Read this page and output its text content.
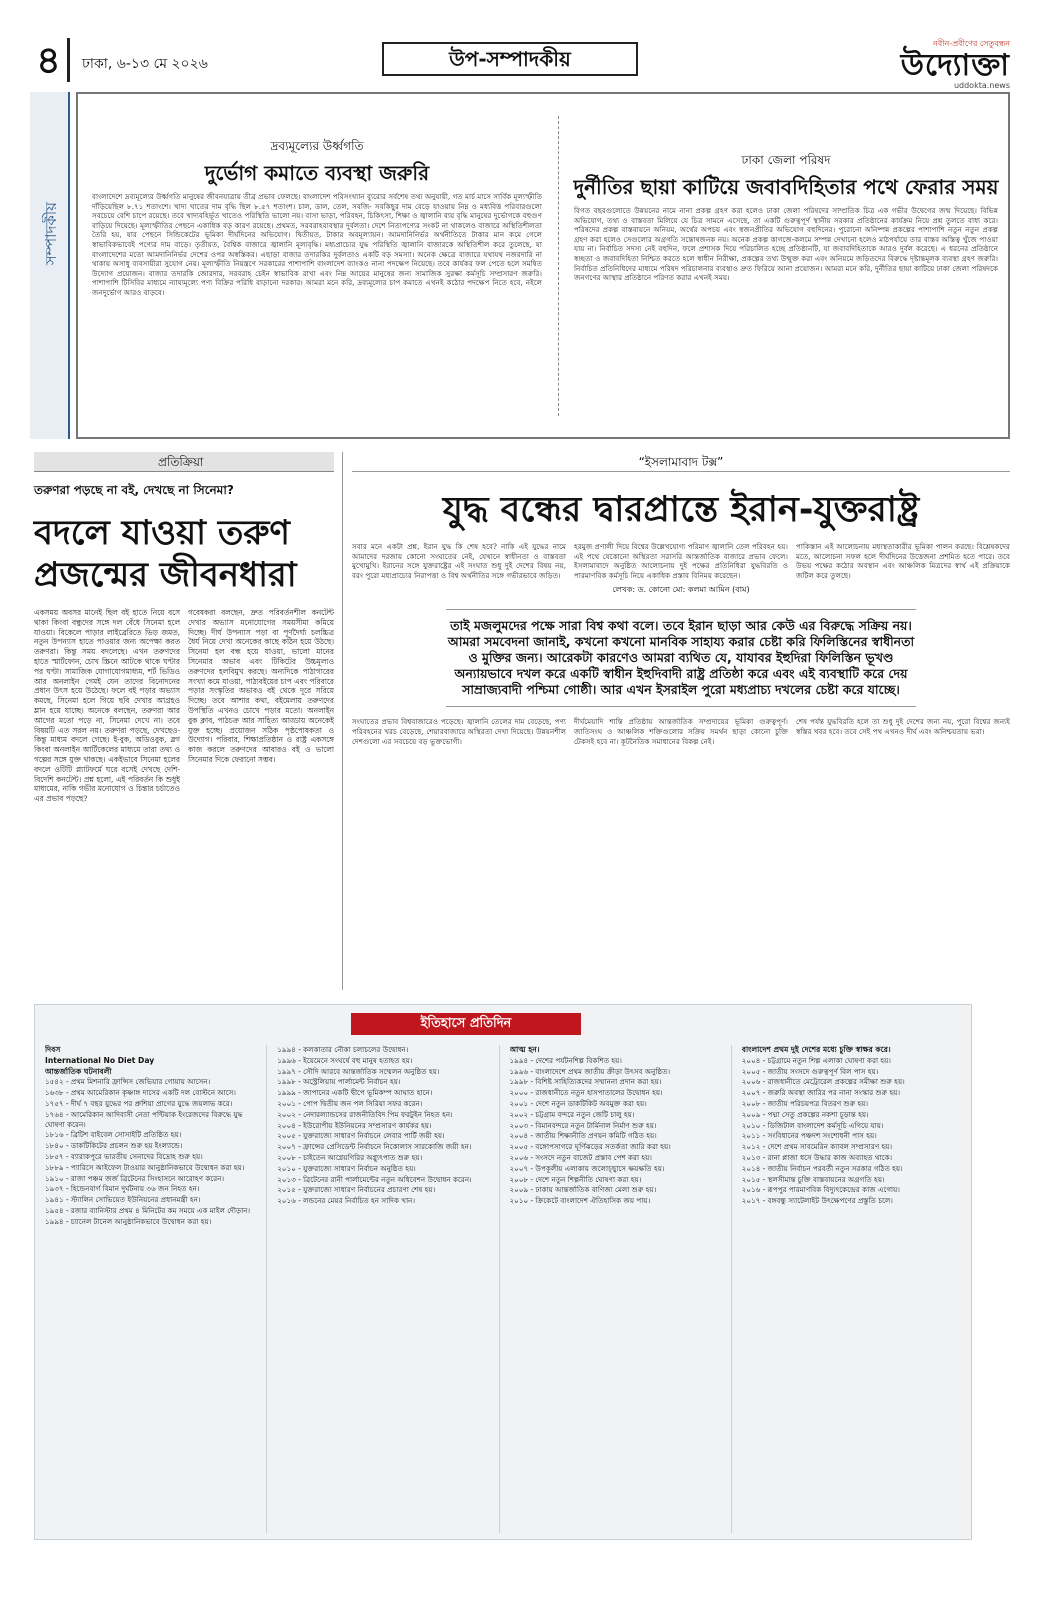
৪	ঢাকা, ৬-১৩ মে ২০২৬	উপ-সম্পাদকীয়
নবীন-প্রবীণের সেতুবন্ধন
উদ্যোক্তা
uddokta.news
সম্পাদকীয়
দ্রব্যমূল্যের উর্ধ্বগতি
দুর্ভোগ কমাতে ব্যবস্থা জরুরি
বাংলাদেশে দ্রব্যমূল্যের উর্ধ্বগতি মানুষের জীবনযাত্রায় তীব্র প্রভাব ফেলছে। বাংলাদেশ পরিসংখ্যান ব্যুরোর সর্বশেষ তথ্য অনুযায়ী, গত মার্চ মাসে সার্বিক মূল্যস্ফীতি দাঁড়িয়েছিল ৮.৭১ শতাংশে। খাদ্য খাতের দাম বৃদ্ধি ছিল ৮.৫৭ শতাংশ। চাল, ডাল, তেল, সবজি- সবকিছুর দাম বেড়ে যাওয়ায় নিম্ন ও মধ্যবিত্ত পরিবারগুলো সবচেয়ে বেশি চাপে রয়েছে। তবে খাদ্যবহির্ভূত খাতেও পরিস্থিতি ভালো নয়। বাসা ভাড়া, পরিবহন, চিকিৎসা, শিক্ষা ও জ্বালানি ব্যয় বৃদ্ধি মানুষের দুর্ভোগকে বহুগুণ বাড়িয়ে দিয়েছে। মূল্যস্ফীতির পেছনে একাধিক বড় কারণ রয়েছে। প্রথমত, সরবরাহব্যবস্থার দুর্বলতা। দেশে নিত্যপণ্যের সংকট না থাকলেও বাজারে অস্থিতিশীলতা তৈরি হয়, যার পেছনে সিন্ডিকেটের ভূমিকা দীর্ঘদিনের অভিযোগ। দ্বিতীয়ত, টাকার অবমূল্যায়ন। আমদানিনির্ভর অর্থনীতিতে টাকার মান কমে গেলে স্বাভাবিকভাবেই পণ্যের দাম বাড়ে। তৃতীয়ত, বৈশ্বিক বাজারে জ্বালানি মূল্যবৃদ্ধি। মধ্যপ্রাচ্যের যুদ্ধ পরিস্থিতি জ্বালানি বাজারকে অস্থিতিশীল করে তুলেছে, যা বাংলাদেশের মতো আমদানিনির্ভর দেশের ওপর অস্বস্তিকর। এছাড়া বাজার তদারকির দুর্বলতাও একটি বড় সমস্যা। অনেক ক্ষেত্রে বাজারে যথাযথ নজরদারি না থাকায় অসাধু ব্যবসায়ীরা সুযোগ নেয়। মূল্যস্ফীতি নিয়ন্ত্রণে সরকারের পাশাপাশি বাংলাদেশ ব্যাংকও নানা পদক্ষেপ নিয়েছে। তবে কার্যকর ফল পেতে হলে সমন্বিত উদ্যোগ প্রয়োজন। বাজার তদারকি জোরদার, সরবরাহ চেইন স্বাভাবিক রাখা এবং নিম্ন আয়ের মানুষের জন্য সামাজিক সুরক্ষা কর্মসূচি সম্প্রসারণ জরুরি। পাশাপাশি টিসিবির মাধ্যমে ন্যায্যমূল্যে পণ্য বিক্রির পরিধি বাড়ানো দরকার। আমরা মনে করি, দ্রব্যমূল্যের চাপ কমাতে এখনই কঠোর পদক্ষেপ নিতে হবে, নইলে জনদুর্ভোগ আরও বাড়বে।
ঢাকা জেলা পরিষদ
দুর্নীতির ছায়া কাটিয়ে জবাবদিহিতার পথে ফেরার সময়
বিগত বছরগুলোতে উন্নয়নের নামে নানা প্রকল্প গ্রহণ করা হলেও ঢাকা জেলা পরিষদের সাম্প্রতিক চিত্র এক গভীর উদ্বেগের জন্ম দিয়েছে। বিভিন্ন অভিযোগ, তথ্য ও বাস্তবতা মিলিয়ে যে চিত্র সামনে এসেছে, তা একটি গুরুত্বপূর্ণ স্থানীয় সরকার প্রতিষ্ঠানের কার্যক্রম নিয়ে প্রশ্ন তুলতে বাধ্য করে। পরিষদের প্রকল্প বাস্তবায়নে অনিয়ম, অর্থের অপচয় এবং স্বজনপ্রীতির অভিযোগ বহুদিনের। পুরোনো অনিষ্পন্ন প্রকল্পের পাশাপাশি নতুন নতুন প্রকল্প গ্রহণ করা হলেও সেগুলোর অগ্রগতি সন্তোষজনক নয়। অনেক প্রকল্প কাগজে-কলমে সম্পন্ন দেখানো হলেও মাঠপর্যায়ে তার বাস্তব অস্তিত্ব খুঁজে পাওয়া যায় না। নির্বাচিত সদস্য নেই বহুদিন, ফলে প্রশাসক দিয়ে পরিচালিত হচ্ছে প্রতিষ্ঠানটি, যা জবাবদিহিতাকে আরও দুর্বল করেছে। এ ধরনের প্রতিষ্ঠানে স্বচ্ছতা ও জবাবদিহিতা নিশ্চিত করতে হলে স্বাধীন নিরীক্ষা, প্রকল্পের তথ্য উন্মুক্ত করা এবং অনিয়মে জড়িতদের বিরুদ্ধে দৃষ্টান্তমূলক ব্যবস্থা গ্রহণ জরুরি। নির্বাচিত প্রতিনিধিদের মাধ্যমে পরিষদ পরিচালনার ব্যবস্থাও দ্রুত ফিরিয়ে আনা প্রয়োজন। আমরা মনে করি, দুর্নীতির ছায়া কাটিয়ে ঢাকা জেলা পরিষদকে জনগণের আস্থার প্রতিষ্ঠানে পরিণত করার এখনই সময়।
প্রতিক্রিয়া
তরুণরা পড়ছে না বই, দেখছে না সিনেমা?
বদলে যাওয়া তরুণ প্রজন্মের জীবনধারা
একসময় অবসর মানেই ছিল বই হাতে নিয়ে বসে থাকা কিংবা বন্ধুদের সঙ্গে দল বেঁধে সিনেমা হলে যাওয়া। বিকেলে পাড়ার লাইব্রেরিতে ভিড় জমত, নতুন উপন্যাস হাতে পাওয়ার জন্য অপেক্ষা করত তরুণরা। কিন্তু সময় বদলেছে। এখন তরুণদের হাতে স্মার্টফোন, চোখ স্ক্রিনে আটকে থাকে ঘণ্টার পর ঘণ্টা। সামাজিক যোগাযোগমাধ্যম, শর্ট ভিডিও আর অনলাইন গেমই যেন তাদের বিনোদনের প্রধান উৎস হয়ে উঠেছে। ফলে বই পড়ার অভ্যাস কমছে, সিনেমা হলে গিয়ে ছবি দেখার আগ্রহও ম্লান হয়ে যাচ্ছে। অনেকে বলছেন, তরুণরা আর আগের মতো পড়ে না, সিনেমা দেখে না। তবে বিষয়টি এত সরল নয়। তরুণরা পড়ছে, দেখছেও- কিন্তু মাধ্যম বদলে গেছে। ই-বুক, অডিওবুক, ব্লগ কিংবা অনলাইন আর্টিকেলের মাধ্যমে তারা তথ্য ও গল্পের সঙ্গে যুক্ত থাকছে। একইভাবে সিনেমা হলের বদলে ওটিটি প্ল্যাটফর্মে ঘরে বসেই দেখছে দেশি-বিদেশি কনটেন্ট। প্রশ্ন হলো, এই পরিবর্তন কি শুধুই মাধ্যমের, নাকি গভীর মনোযোগ ও চিন্তার চর্চাতেও এর প্রভাব পড়ছে?
গবেষকরা বলছেন, দ্রুত পরিবর্তনশীল কনটেন্ট দেখার অভ্যাস মনোযোগের সময়সীমা কমিয়ে দিচ্ছে। দীর্ঘ উপন্যাস পড়া বা পূর্ণদৈর্ঘ্য চলচ্চিত্র ধৈর্য নিয়ে দেখা অনেকের কাছে কঠিন হয়ে উঠছে। সিনেমা হল বন্ধ হয়ে যাওয়া, ভালো মানের সিনেমার অভাব এবং টিকিটের উচ্চমূল্যও তরুণদের হলবিমুখ করছে। অন্যদিকে পাঠাগারের সংখ্যা কমে যাওয়া, পাঠ্যবইয়ের চাপ এবং পরিবারে পড়ার সংস্কৃতির অভাবও বই থেকে দূরে সরিয়ে দিচ্ছে। তবে আশার কথা, বইমেলায় তরুণদের উপস্থিতি এখনও চোখে পড়ার মতো। অনলাইন বুক ক্লাব, পাঠচক্র আর সাহিত্য আড্ডায় অনেকেই যুক্ত হচ্ছে। প্রয়োজন সঠিক পৃষ্ঠপোষকতা ও উদ্যোগ। পরিবার, শিক্ষাপ্রতিষ্ঠান ও রাষ্ট্র একসঙ্গে কাজ করলে তরুণদের আবারও বই ও ভালো সিনেমার দিকে ফেরানো সম্ভব।
“ইসলামাবাদ টক্স”
যুদ্ধ বন্ধের দ্বারপ্রান্তে ইরান-যুক্তরাষ্ট্র
সবার মনে একটা প্রশ্ন, ইরান যুদ্ধ কি শেষ হবে? নাকি এই যুদ্ধের নামে আমাদের দরজায় কোনো সংঘাতের নেই, যেখানে স্বাধীনতা ও বাস্তবতা মুখোমুখি। ইরানের সঙ্গে যুক্তরাষ্ট্রের এই সংঘাত শুধু দুই দেশের বিষয় নয়, বরং পুরো মধ্যপ্রাচ্যের নিরাপত্তা ও বিশ্ব অর্থনীতির সঙ্গে গভীরভাবে জড়িত।
হরমুজ প্রণালী দিয়ে বিশ্বের উল্লেখযোগ্য পরিমাণ জ্বালানি তেল পরিবহন হয়। এই পথে যেকোনো অস্থিরতা সরাসরি আন্তর্জাতিক বাজারে প্রভাব ফেলে। ইসলামাবাদে অনুষ্ঠিত আলোচনায় দুই পক্ষের প্রতিনিধিরা যুদ্ধবিরতি ও পারমাণবিক কর্মসূচি নিয়ে একাধিক প্রস্তাব বিনিময় করেছেন।
পাকিস্তান এই আলোচনায় মধ্যস্থতাকারীর ভূমিকা পালন করছে। বিশ্লেষকদের মতে, আলোচনা সফল হলে দীর্ঘদিনের উত্তেজনা প্রশমিত হতে পারে। তবে উভয় পক্ষের কঠোর অবস্থান এবং আঞ্চলিক মিত্রদের স্বার্থ এই প্রক্রিয়াকে জটিল করে তুলছে।
লেখক: ড. কোনো মো: কলমা আমিন (বাম)
তাই মজলুমদের পক্ষে সারা বিশ্ব কথা বলে। তবে ইরান ছাড়া আর কেউ এর বিরুদ্ধে সক্রিয় নয়। আমরা সমবেদনা জানাই, কখনো কখনো মানবিক সাহায্য করার চেষ্টা করি ফিলিস্তিনের স্বাধীনতা ও মুক্তির জন্য। আরেকটা কারণেও আমরা ব্যথিত যে, যাযাবর ইহুদিরা ফিলিস্তিন ভূখণ্ড অন্যায়ভাবে দখল করে একটি স্বাধীন ইহুদিবাদী রাষ্ট্র প্রতিষ্ঠা করে এবং এই ব্যবস্থাটি করে দেয় সাম্রাজ্যবাদী পশ্চিমা গোষ্ঠী। আর এখন ইসরাইল পুরো মধ্যপ্রাচ্য দখলের চেষ্টা করে যাচ্ছে।
সংঘাতের প্রভাব বিশ্ববাজারেও পড়েছে। জ্বালানি তেলের দাম বেড়েছে, পণ্য পরিবহনের খরচ বেড়েছে, শেয়ারবাজারে অস্থিরতা দেখা দিয়েছে। উন্নয়নশীল দেশগুলো এর সবচেয়ে বড় ভুক্তভোগী।
দীর্ঘমেয়াদি শান্তি প্রতিষ্ঠায় আন্তর্জাতিক সম্প্রদায়ের ভূমিকা গুরুত্বপূর্ণ। জাতিসংঘ ও আঞ্চলিক শক্তিগুলোর সক্রিয় সমর্থন ছাড়া কোনো চুক্তি টেকসই হবে না। কূটনৈতিক সমাধানের বিকল্প নেই।
শেষ পর্যন্ত যুদ্ধবিরতি হলে তা শুধু দুই দেশের জন্য নয়, পুরো বিশ্বের জন্যই স্বস্তির খবর হবে। তবে সেই পথ এখনও দীর্ঘ এবং অনিশ্চয়তায় ভরা।
ইতিহাসে প্রতিদিন

দিবস

International No Diet Day

আন্তর্জাতিক ঘটনাবলী

১৫৪২ - প্রথম মিশনারি ফ্রান্সিস জেভিয়ার গোয়ায় আসেন।

১৬৩৮ - প্রথম আমেরিকান কৃষ্ণাঙ্গ দাসের একটি দল বোস্টনে আসে।

১৭৫৭ - দীর্ঘ ৭ বছর যুদ্ধের পর প্রুশিয়া প্রাগের যুদ্ধে জয়লাভ করে।

১৭৬৪ - আমেরিকান আদিবাসী নেতা পন্টিয়াক ইংরেজদের বিরুদ্ধে যুদ্ধ ঘোষণা করেন।

১৮১৬ - ব্রিটিশ বাইবেল সোসাইটি প্রতিষ্ঠিত হয়।

১৮৪০ - ডাকটিকিটের প্রচলন শুরু হয় ইংল্যান্ডে।

১৮৫৭ - ব্যারাকপুরে ভারতীয় সেনাদের বিদ্রোহ শুরু হয়।

১৮৮৯ - প্যারিসে আইফেল টাওয়ার আনুষ্ঠানিকভাবে উদ্বোধন করা হয়।

১৯১০ - রাজা পঞ্চম জর্জ ব্রিটেনের সিংহাসনে আরোহণ করেন।

১৯৩৭ - হিন্ডেনবার্গ বিমান দুর্ঘটনায় ৩৬ জন নিহত হন।

১৯৪১ - স্ট্যালিন সোভিয়েত ইউনিয়নের প্রধানমন্ত্রী হন।

১৯৫৪ - রজার ব্যানিস্টার প্রথম ৪ মিনিটের কম সময়ে এক মাইল দৌড়ান।

১৯৯৪ - চ্যানেল টানেল আনুষ্ঠানিকভাবে উদ্বোধন করা হয়।

১৯৯৪ - কলকাতার নৌকা চলাচলের উদ্বোধন।

১৯৯৬ - ইয়েমেনে সংঘর্ষে বহু মানুষ হতাহত হয়।

১৯৯৭ - সৌদি আরবে আন্তর্জাতিক সম্মেলন অনুষ্ঠিত হয়।

১৯৯৮ - অস্ট্রেলিয়ায় পার্লামেন্ট নির্বাচন হয়।

১৯৯৯ - জাপানের একটি দ্বীপে ভূমিকম্প আঘাত হানে।

২০০১ - পোপ দ্বিতীয় জন পল সিরিয়া সফর করেন।

২০০২ - নেদারল্যান্ডসের রাজনীতিবিদ পিম ফরটুইন নিহত হন।

২০০৪ - ইউরোপীয় ইউনিয়নের সম্প্রসারণ কার্যকর হয়।

২০০৫ - যুক্তরাজ্যে সাধারণ নির্বাচনে লেবার পার্টি জয়ী হয়।

২০০৭ - ফ্রান্সের প্রেসিডেন্ট নির্বাচনে নিকোলাস সারকোজি জয়ী হন।

২০০৮ - চাইতেন আগ্নেয়গিরির অগ্ন্যুৎপাত শুরু হয়।

২০১০ - যুক্তরাজ্যে সাধারণ নির্বাচন অনুষ্ঠিত হয়।

২০১৩ - ব্রিটেনের রানী পার্লামেন্টের নতুন অধিবেশন উদ্বোধন করেন।

২০১৫ - যুক্তরাজ্যে সাধারণ নির্বাচনের প্রচারণা শেষ হয়।

২০১৬ - লন্ডনের মেয়র নির্বাচিত হন সাদিক খান।

আত্ম হন।

১৯৯৪ - দেশের পর্যটনশিল্প বিকশিত হয়।

১৯৯৬ - বাংলাদেশে প্রথম জাতীয় ক্রীড়া উৎসব অনুষ্ঠিত।

১৯৯৮ - বিশিষ্ট সাহিত্যিকদের সম্মাননা প্রদান করা হয়।

২০০০ - রাজধানীতে নতুন হাসপাতালের উদ্বোধন হয়।

২০০১ - দেশে নতুন ডাকটিকিট অবমুক্ত করা হয়।

২০০২ - চট্টগ্রাম বন্দরে নতুন জেটি চালু হয়।

২০০৩ - বিমানবন্দরে নতুন টার্মিনাল নির্মাণ শুরু হয়।

২০০৪ - জাতীয় শিক্ষানীতি প্রণয়ন কমিটি গঠিত হয়।

২০০৫ - বঙ্গোপসাগরে ঘূর্ণিঝড়ের সতর্কতা জারি করা হয়।

২০০৬ - সংসদে নতুন বাজেট প্রস্তাব পেশ করা হয়।

২০০৭ - উপকূলীয় এলাকায় জলোচ্ছ্বাসে ক্ষয়ক্ষতি হয়।

২০০৮ - দেশে নতুন শিল্পনীতি ঘোষণা করা হয়।

২০০৯ - ঢাকায় আন্তর্জাতিক বাণিজ্য মেলা শুরু হয়।

২০১০ - ক্রিকেটে বাংলাদেশ ঐতিহাসিক জয় পায়।

বাংলাদেশ প্রথম দুই দেশের মধ্যে চুক্তি স্বাক্ষর করে।

২০০৪ - চট্টগ্রামে নতুন শিল্প এলাকা ঘোষণা করা হয়।

২০০৫ - জাতীয় সংসদে গুরুত্বপূর্ণ বিল পাস হয়।

২০০৬ - রাজধানীতে মেট্রোরেল প্রকল্পের সমীক্ষা শুরু হয়।

২০০৭ - জরুরি অবস্থা জারির পর নানা সংস্কার শুরু হয়।

২০০৮ - জাতীয় পরিচয়পত্র বিতরণ শুরু হয়।

২০০৯ - পদ্মা সেতু প্রকল্পের নকশা চূড়ান্ত হয়।

২০১০ - ডিজিটাল বাংলাদেশ কর্মসূচি এগিয়ে যায়।

২০১১ - সংবিধানের পঞ্চদশ সংশোধনী পাস হয়।

২০১২ - দেশে প্রথম সাবমেরিন ক্যাবল সম্প্রসারণ হয়।

২০১৩ - রানা প্লাজা ধসে উদ্ধার কাজ অব্যাহত থাকে।

২০১৪ - জাতীয় নির্বাচন পরবর্তী নতুন সরকার গঠিত হয়।

২০১৫ - স্থলসীমান্ত চুক্তি বাস্তবায়নের অগ্রগতি হয়।

২০১৬ - রূপপুর পারমাণবিক বিদ্যুৎকেন্দ্রের কাজ এগোয়।

২০১৭ - বঙ্গবন্ধু স্যাটেলাইট উৎক্ষেপণের প্রস্তুতি চলে।
